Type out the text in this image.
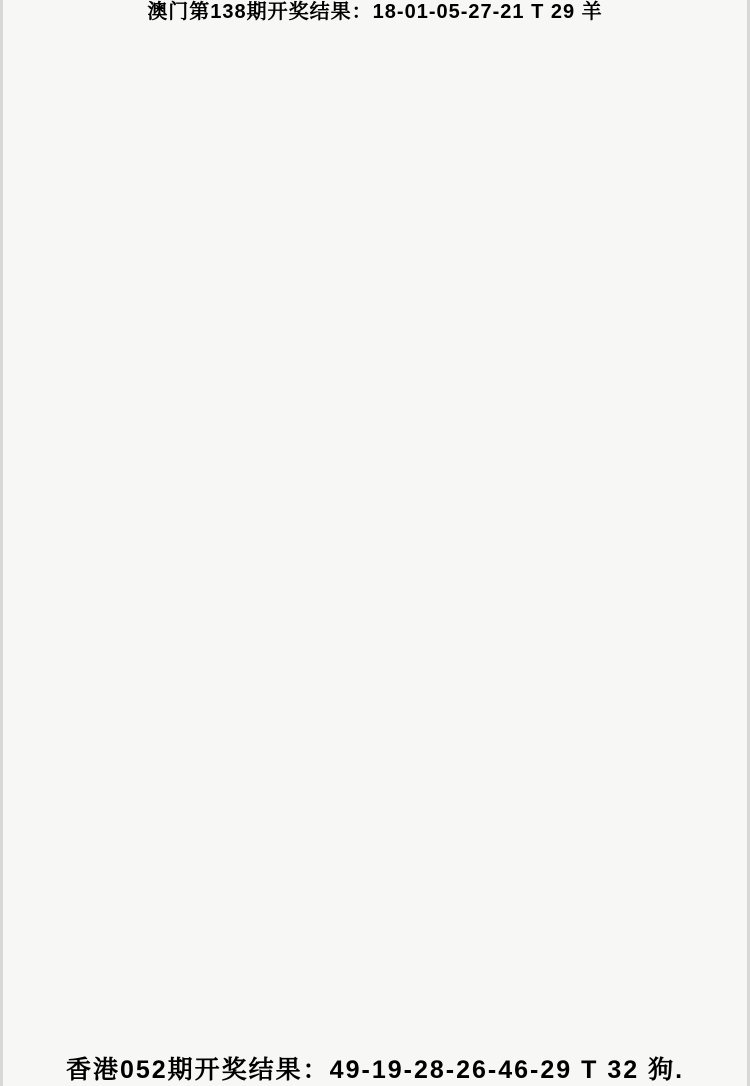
澳门第138期开奖结果：18-01-05-27-21 T 29 羊
香港052期开奖结果：49-19-28-26-46-29 T 32 狗.
